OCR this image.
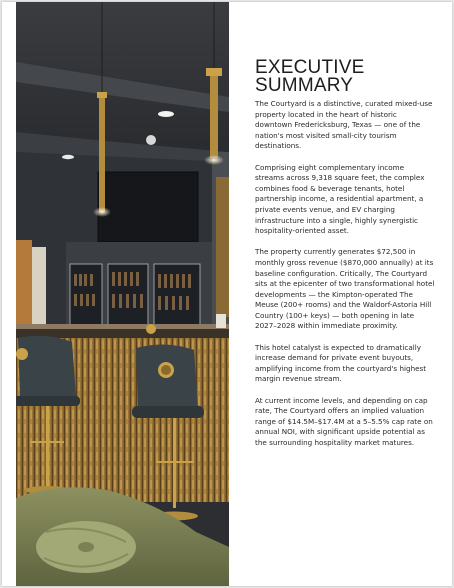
EXECUTIVE
SUMMARY

The Courtyard is a distinctive, curated mixed-use property located in the heart of historic downtown Fredericksburg, Texas — one of the nation's most visited small-city tourism destinations.

Comprising eight complementary income streams across 9,318 square feet, the complex combines food & beverage tenants, hotel partnership income, a residential apartment, a private events venue, and EV charging infrastructure into a single, highly synergistic hospitality-oriented asset.

The property currently generates $72,500 in monthly gross revenue ($870,000 annually) at its baseline configuration. Critically, The Courtyard sits at the epicenter of two transformational hotel developments — the Kimpton-operated The Meuse (200+ rooms) and the Waldorf-Astoria Hill Country (100+ keys) — both opening in late 2027–2028 within immediate proximity.

This hotel catalyst is expected to dramatically increase demand for private event buyouts, amplifying income from the courtyard's highest margin revenue stream.

At current income levels, and depending on cap rate, The Courtyard offers an implied valuation range of $14.5M–$17.4M at a 5–5.5% cap rate on annual NOI, with significant upside potential as the surrounding hospitality market matures.
